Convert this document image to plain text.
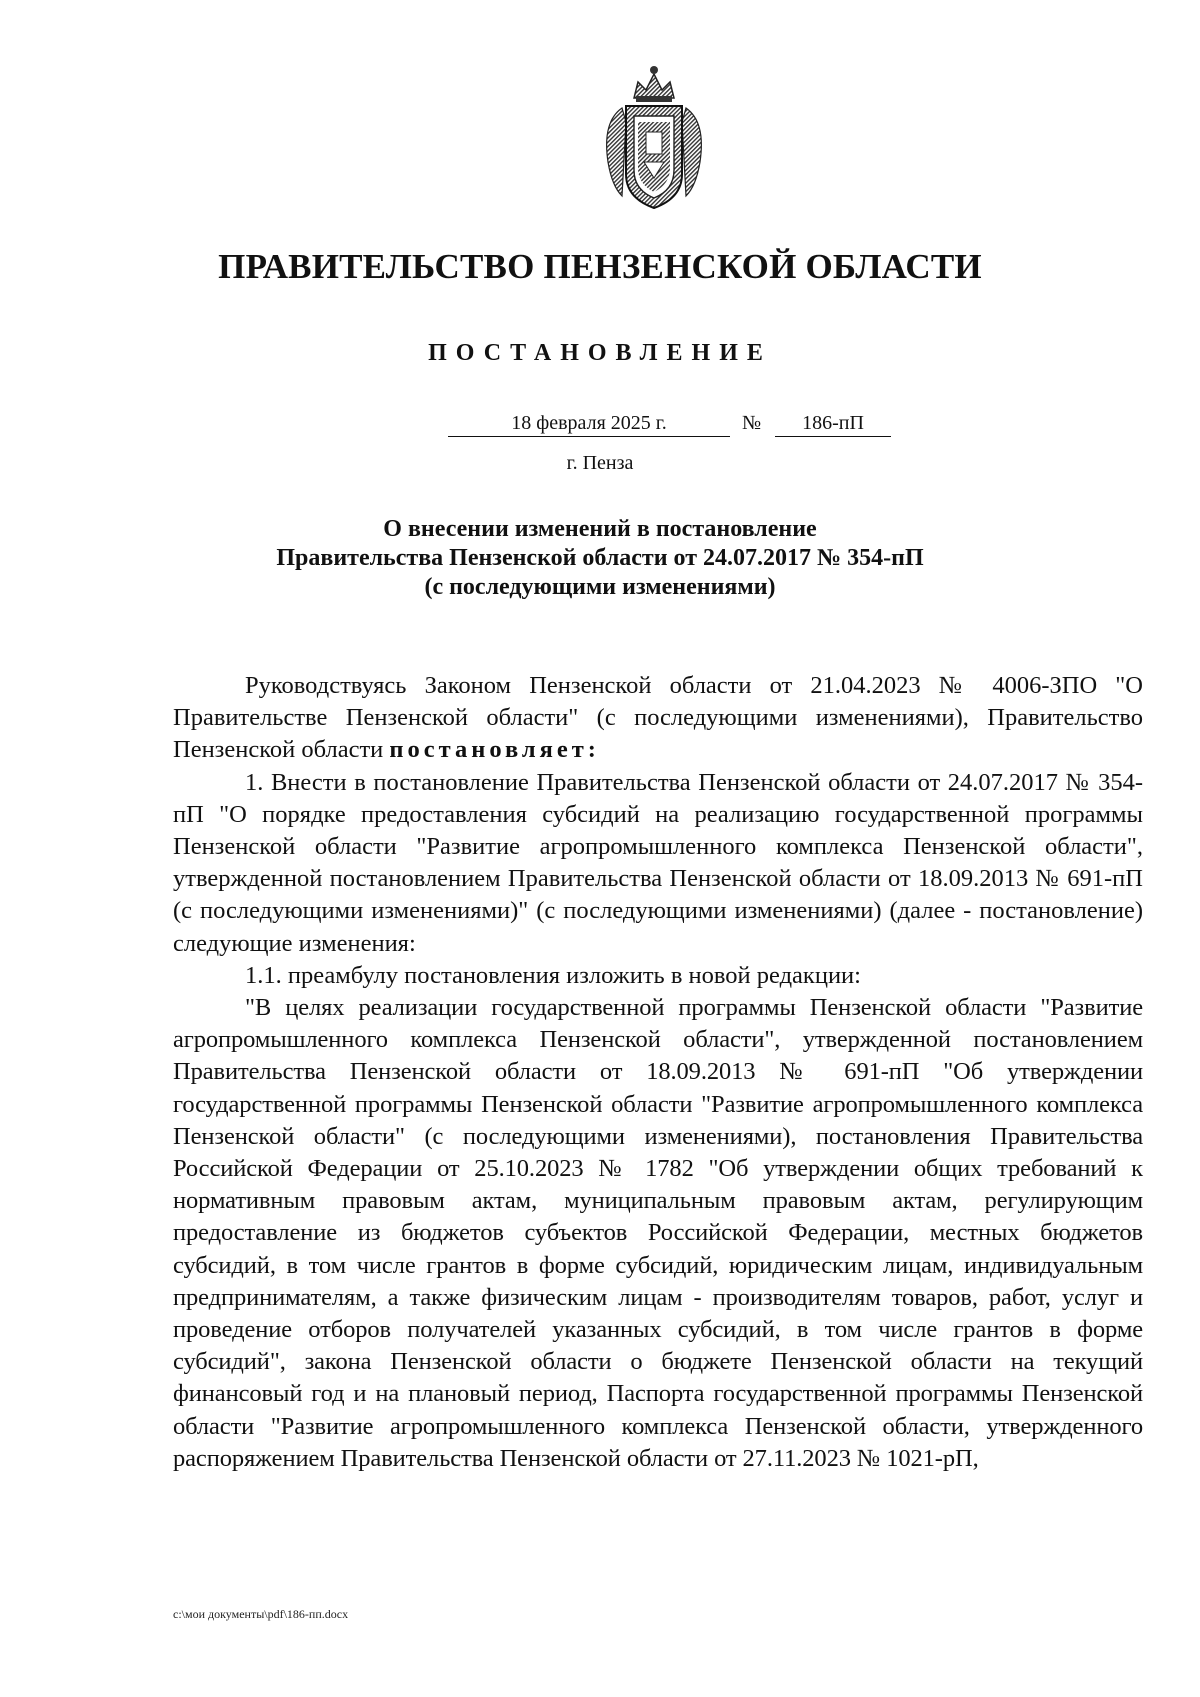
ПРАВИТЕЛЬСТВО ПЕНЗЕНСКОЙ ОБЛАСТИ
ПОСТАНОВЛЕНИЕ
18 февраля 2025 г.	№	186-пП
г. Пенза
О внесении изменений в постановление
Правительства Пензенской области от 24.07.2017 № 354-пП
(с последующими изменениями)

Руководствуясь Законом Пензенской области от 21.04.2023 № 4006-ЗПО "О Правительстве Пензенской области" (с последующими изменениями), Правительство Пензенской области постановляет:

1. Внести в постановление Правительства Пензенской области от 24.07.2017 № 354-пП "О порядке предоставления субсидий на реализацию государственной программы Пензенской области "Развитие агропромышленного комплекса Пензенской области", утвержденной постановлением Правительства Пензенской области от 18.09.2013 № 691-пП (с последующими изменениями)" (с последующими изменениями) (далее - постановление) следующие изменения:

1.1. преамбулу постановления изложить в новой редакции:

"В целях реализации государственной программы Пензенской области "Развитие агропромышленного комплекса Пензенской области", утвержденной постановлением Правительства Пензенской области от 18.09.2013 № 691-пП "Об утверждении государственной программы Пензенской области "Развитие агропромышленного комплекса Пензенской области" (с последующими изменениями), постановления Правительства Российской Федерации от 25.10.2023 № 1782 "Об утверждении общих требований к нормативным правовым актам, муниципальным правовым актам, регулирующим предоставление из бюджетов субъектов Российской Федерации, местных бюджетов субсидий, в том числе грантов в форме субсидий, юридическим лицам, индивидуальным предпринимателям, а также физическим лицам - производителям товаров, работ, услуг и проведение отборов получателей указанных субсидий, в том числе грантов в форме субсидий", закона Пензенской области о бюджете Пензенской области на текущий финансовый год и на плановый период, Паспорта государственной программы Пензенской области "Развитие агропромышленного комплекса Пензенской области, утвержденного распоряжением Правительства Пензенской области от 27.11.2023 № 1021-рП,

c:\мои документы\pdf\186-пп.docx
